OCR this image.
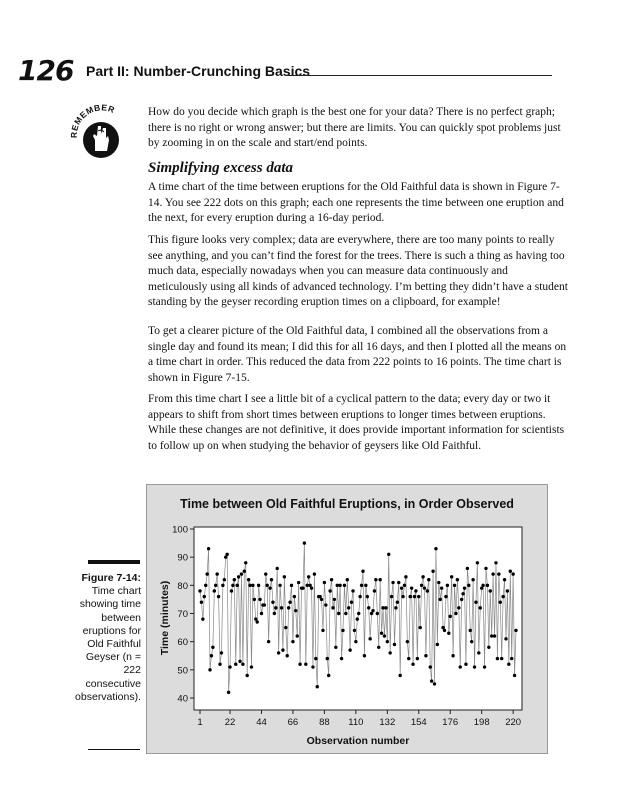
126 Part II: Number-Crunching Basics
REMEMBER	How do you decide which graph is the best one for your data? There is no perfect graph; there is no right or wrong answer; but there are limits. You can quickly spot problems just by zooming in on the scale and start/end points.

Simplifying excess data

A time chart of the time between eruptions for the Old Faithful data is shown in Figure 7-14. You see 222 dots on this graph; each one represents the time between one eruption and the next, for every eruption during a 16-day period.

This figure looks very complex; data are everywhere, there are too many points to really see anything, and you can’t find the forest for the trees. There is such a thing as having too much data, especially nowadays when you can measure data continuously and meticulously using all kinds of advanced technology. I’m betting they didn’t have a student standing by the geyser recording eruption times on a clipboard, for example!

To get a clearer picture of the Old Faithful data, I combined all the observations from a single day and found its mean; I did this for all 16 days, and then I plotted all the means on a time chart in order. This reduced the data from 222 points to 16 points. The time chart is shown in Figure 7-15.

From this time chart I see a little bit of a cyclical pattern to the data; every day or two it appears to shift from short times between eruptions to longer times between eruptions. While these changes are not definitive, it does provide important information for scientists to follow up on when studying the behavior of geysers like Old Faithful.

Figure 7-14:
Time chart showing time between eruptions for Old Faithful Geyser (n = 222 consecutive observations).
Time between Old Faithful Eruptions, in Order Observed
40
50
60
70
80
90
100
1 22 44 66 88 110 132 154 176 198 220
Observation number
Time (minutes)
